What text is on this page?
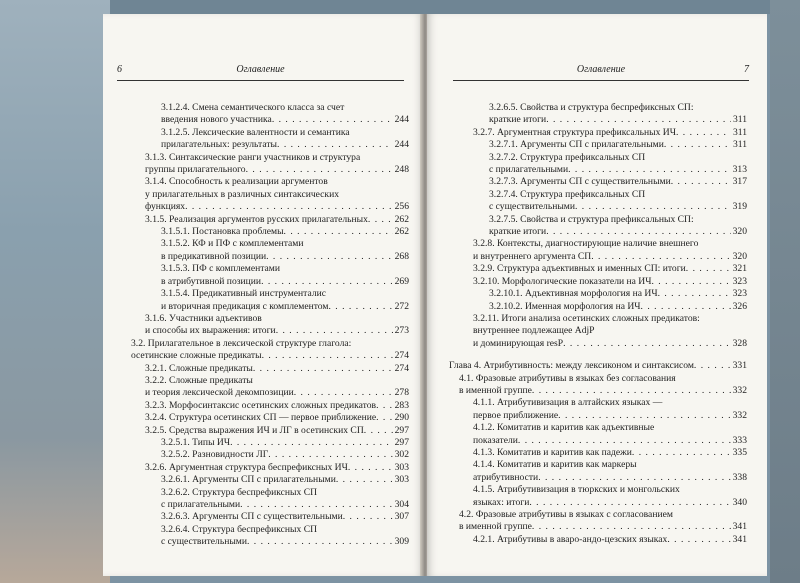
Оглавление
6
3.1.2.4. Смена семантического класса за счет
введения нового участника . . .	244
3.1.2.5. Лексические валентности и семантика
прилагательных: результаты . . .	244
3.1.3. Синтаксические ранги участников и структура
группы прилагательного . . .	248
3.1.4. Способность к реализации аргументов
у прилагательных в различных синтаксических
функциях . . .	256
3.1.5. Реализация аргументов русских прилагательных . . .	262
3.1.5.1. Постановка проблемы . . .	262
3.1.5.2. КФ и ПФ с комплементами
в предикативной позиции . . .	268
3.1.5.3. ПФ с комплементами
в атрибутивной позиции . . .	269
3.1.5.4. Предикативный инструменталис
и вторичная предикация с комплементом . . .	272
3.1.6. Участники адъективов
и способы их выражения: итоги . . .	273
3.2. Прилагательное в лексической структуре глагола:
осетинские сложные предикаты . . .	274
3.2.1. Сложные предикаты . . .	274
3.2.2. Сложные предикаты
и теория лексической декомпозиции . . .	278
3.2.3. Морфосинтаксис осетинских сложных предикатов . . . 283
3.2.4. Структура осетинских СП — первое приближение . . . 290
3.2.5. Средства выражения ИЧ и ЛГ в осетинских СП . . .	297
3.2.5.1. Типы ИЧ . . .	297
3.2.5.2. Разновидности ЛГ . . .	302
3.2.6. Аргументная структура беспрефиксных ИЧ . . .	303
3.2.6.1. Аргументы СП с прилагательными . . .	303
3.2.6.2. Структура беспрефиксных СП
с прилагательными . . .	304
3.2.6.3. Аргументы СП с существительными . . .	307
3.2.6.4. Структура беспрефиксных СП
с существительными . . .	309
Оглавление	7
3.2.6.5. Свойства и структура беспрефиксных СП:
краткие итоги . . .	311
3.2.7. Аргументная структура префиксальных ИЧ . . .	311
3.2.7.1. Аргументы СП с прилагательными . . .	311
3.2.7.2. Структура префиксальных СП
с прилагательными . . .	313
3.2.7.3. Аргументы СП с существительными . . .	317
3.2.7.4. Структура префиксальных СП
с существительными . . .	319
3.2.7.5. Свойства и структура префиксальных СП:
краткие итоги . . .	320
3.2.8. Контексты, диагностирующие наличие внешнего
и внутреннего аргумента СП . . .	320
3.2.9. Структура адъективных и именных СП: итоги . . .	321
3.2.10. Морфологические показатели на ИЧ . . .	323
3.2.10.1. Адъективная морфология на ИЧ . . .	323
3.2.10.2. Именная морфология на ИЧ . . .	326
3.2.11. Итоги анализа осетинских сложных предикатов:
внутреннее подлежащее AdjP
и доминирующая resP . . .	328
Глава 4. Атрибутивность: между лексиконом и синтаксисом . . .	331
4.1. Фразовые атрибутивы в языках без согласования
в именной группе . . .	332
4.1.1. Атрибутивизация в алтайских языках —
первое приближение . . .	332
4.1.2. Комитатив и каритив как адъективные
показатели . . .	333
4.1.3. Комитатив и каритив как падежи . . .	335
4.1.4. Комитатив и каритив как маркеры
атрибутивности . . .	338
4.1.5. Атрибутивизация в тюркских и монгольских
языках: итоги . . .	340
4.2. Фразовые атрибутивы в языках с согласованием
в именной группе . . .	341
4.2.1. Атрибутивы в аваро-андо-цезских языках . . .	341
